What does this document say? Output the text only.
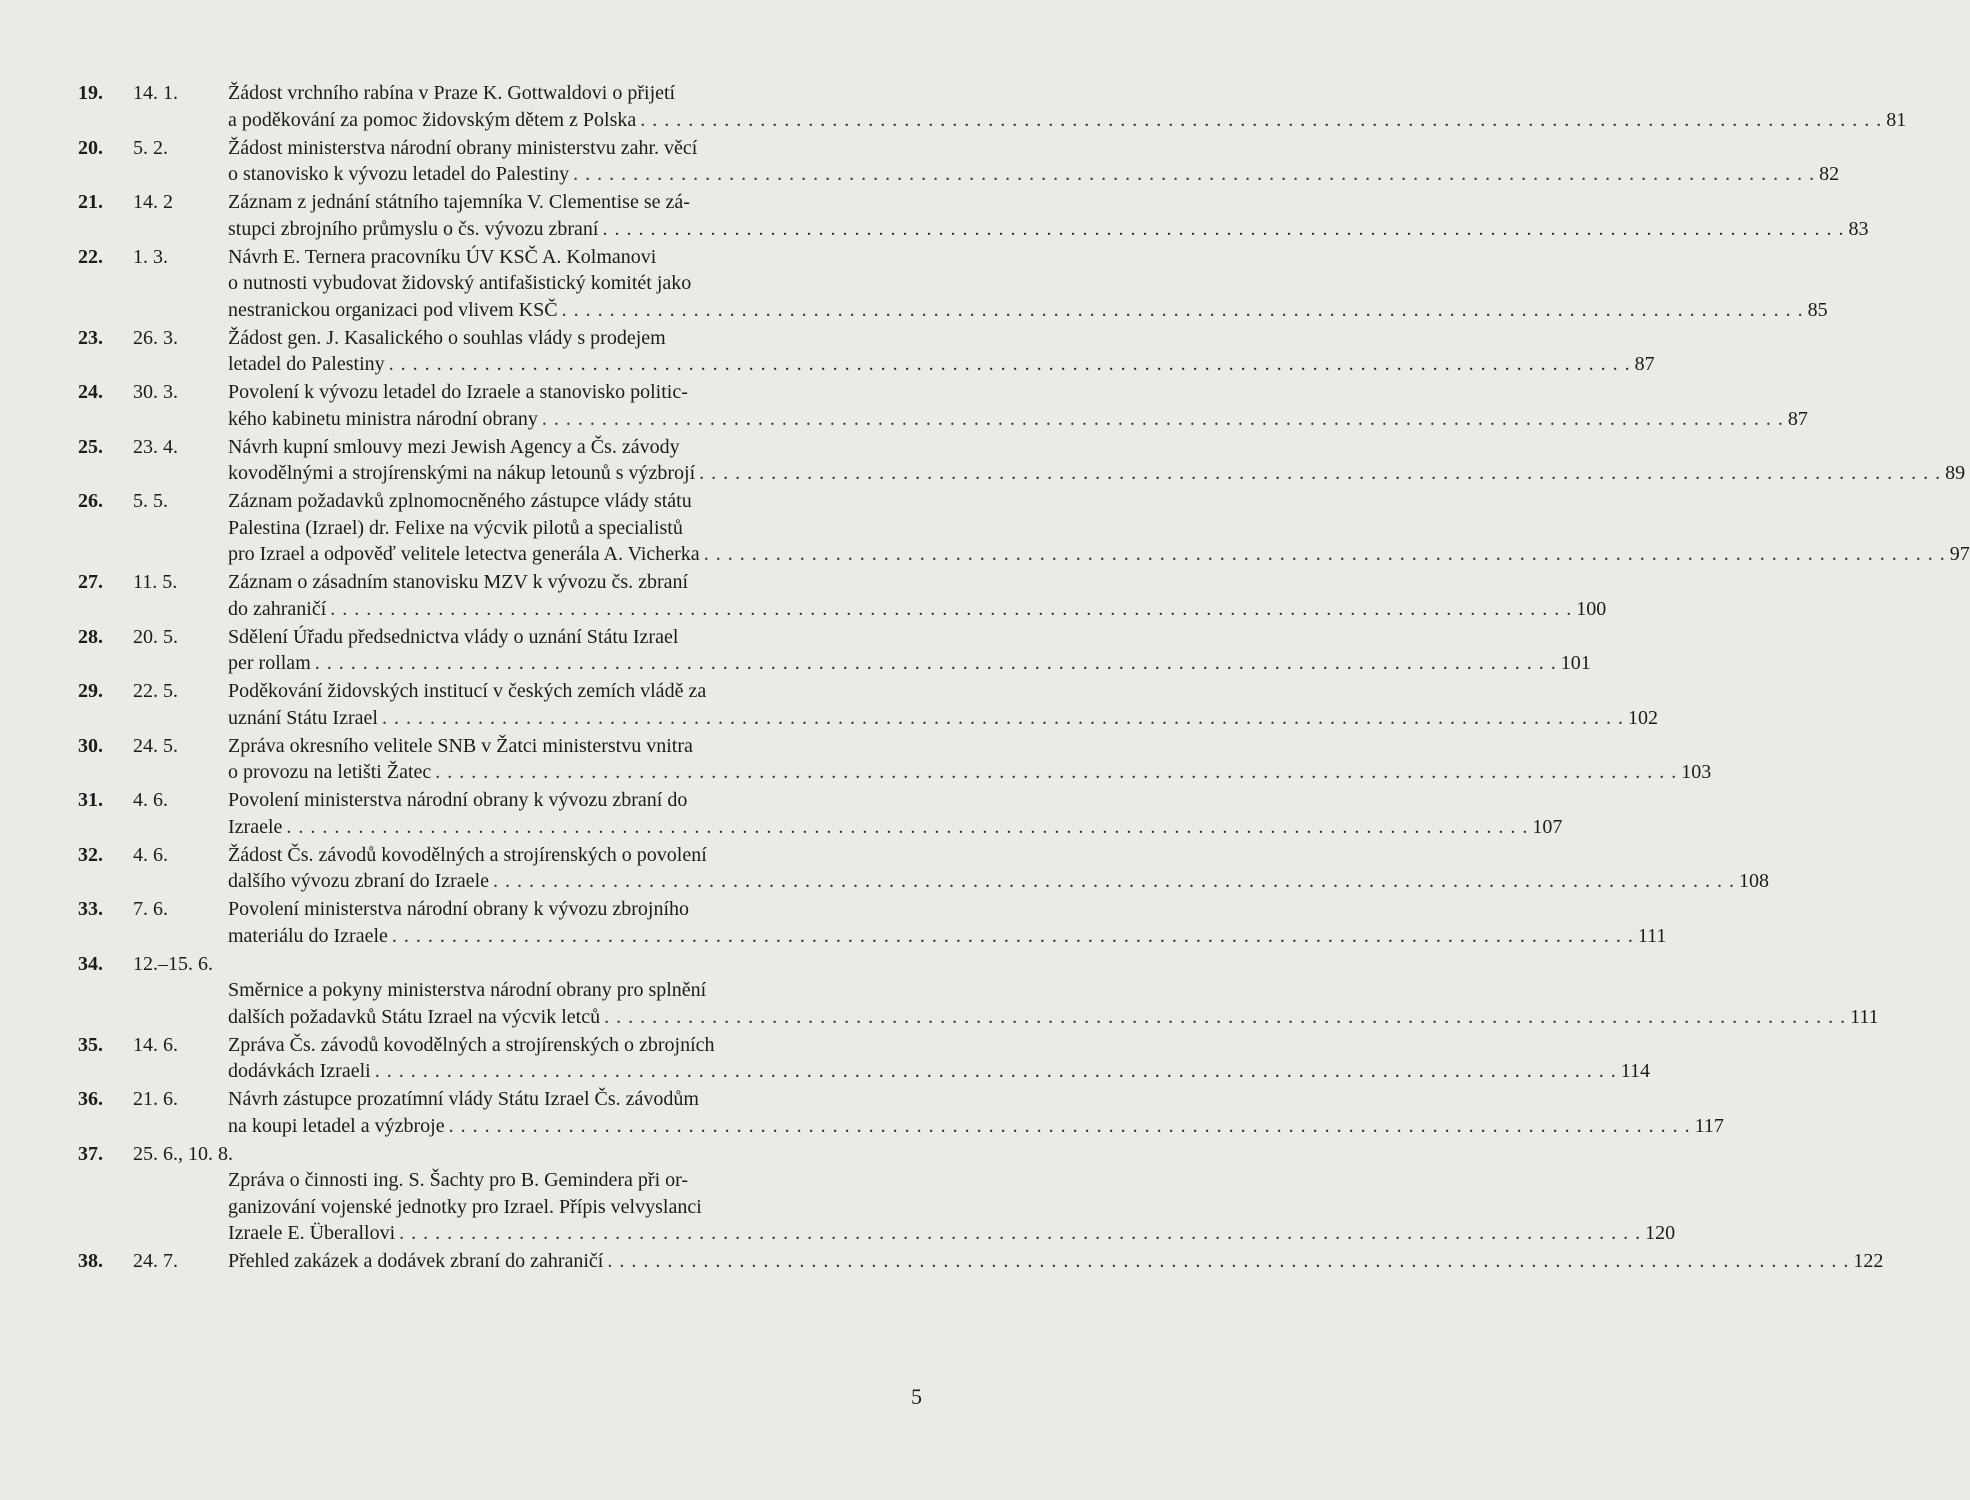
19.	14. 1.	Žádost vrchního rabína v Praze K. Gottwaldovi o přijetí
a poděkování za pomoc židovským dětem z Polska . . . . . . . . . . . . . . . . . . . . . . . . . . . . . . . . . . . . . . . . . . . . . . . . . . . . . . . . . . . . . . . . . . . . . . . . . . . . . . . . . . . . . . . . . . . . . . . . . . . . . . . . 81
20.	5. 2.	Žádost ministerstva národní obrany ministerstvu zahr. věcí
o stanovisko k vývozu letadel do Palestiny . . . . . . . . . . . . . . . . . . . . . . . . . . . . . . . . . . . . . . . . . . . . . . . . . . . . . . . . . . . . . . . . . . . . . . . . . . . . . . . . . . . . . . . . . . . . . . . . . . . . . . . . 82
21.	14. 2	Záznam z jednání státního tajemníka V. Clementise se zá-
stupci zbrojního průmyslu o čs. vývozu zbraní . . . . . . . . . . . . . . . . . . . . . . . . . . . . . . . . . . . . . . . . . . . . . . . . . . . . . . . . . . . . . . . . . . . . . . . . . . . . . . . . . . . . . . . . . . . . . . . . . . . . . . . . 83
22.	1. 3.	Návrh E. Ternera pracovníku ÚV KSČ A. Kolmanovi
o nutnosti vybudovat židovský antifašistický komitét jako
nestranickou organizaci pod vlivem KSČ . . . . . . . . . . . . . . . . . . . . . . . . . . . . . . . . . . . . . . . . . . . . . . . . . . . . . . . . . . . . . . . . . . . . . . . . . . . . . . . . . . . . . . . . . . . . . . . . . . . . . . . . 85
23.	26. 3.	Žádost gen. J. Kasalického o souhlas vlády s prodejem
letadel do Palestiny . . . . . . . . . . . . . . . . . . . . . . . . . . . . . . . . . . . . . . . . . . . . . . . . . . . . . . . . . . . . . . . . . . . . . . . . . . . . . . . . . . . . . . . . . . . . . . . . . . . . . . . . 87
24.	30. 3.	Povolení k vývozu letadel do Izraele a stanovisko politic-
kého kabinetu ministra národní obrany . . . . . . . . . . . . . . . . . . . . . . . . . . . . . . . . . . . . . . . . . . . . . . . . . . . . . . . . . . . . . . . . . . . . . . . . . . . . . . . . . . . . . . . . . . . . . . . . . . . . . . . . 87
25.	23. 4.	Návrh kupní smlouvy mezi Jewish Agency a Čs. závody
kovodělnými a strojírenskými na nákup letounů s výzbrojí . . . . . . . . . . . . . . . . . . . . . . . . . . . . . . . . . . . . . . . . . . . . . . . . . . . . . . . . . . . . . . . . . . . . . . . . . . . . . . . . . . . . . . . . . . . . . . . . . . . . . . . . 89
26.	5. 5.	Záznam požadavků zplnomocněného zástupce vlády státu
Palestina (Izrael) dr. Felixe na výcvik pilotů a specialistů
pro Izrael a odpověď velitele letectva generála A. Vicherka . . . . . . . . . . . . . . . . . . . . . . . . . . . . . . . . . . . . . . . . . . . . . . . . . . . . . . . . . . . . . . . . . . . . . . . . . . . . . . . . . . . . . . . . . . . . . . . . . . . . . . . . 97
27.	11. 5.	Záznam o zásadním stanovisku MZV k vývozu čs. zbraní
do zahraničí . . . . . . . . . . . . . . . . . . . . . . . . . . . . . . . . . . . . . . . . . . . . . . . . . . . . . . . . . . . . . . . . . . . . . . . . . . . . . . . . . . . . . . . . . . . . . . . . . . . . . . . . 100
28.	20. 5.	Sdělení Úřadu předsednictva vlády o uznání Státu Izrael
per rollam . . . . . . . . . . . . . . . . . . . . . . . . . . . . . . . . . . . . . . . . . . . . . . . . . . . . . . . . . . . . . . . . . . . . . . . . . . . . . . . . . . . . . . . . . . . . . . . . . . . . . . . . 101
29.	22. 5.	Poděkování židovských institucí v českých zemích vládě za
uznání Státu Izrael . . . . . . . . . . . . . . . . . . . . . . . . . . . . . . . . . . . . . . . . . . . . . . . . . . . . . . . . . . . . . . . . . . . . . . . . . . . . . . . . . . . . . . . . . . . . . . . . . . . . . . . . 102
30.	24. 5.	Zpráva okresního velitele SNB v Žatci ministerstvu vnitra
o provozu na letišti Žatec . . . . . . . . . . . . . . . . . . . . . . . . . . . . . . . . . . . . . . . . . . . . . . . . . . . . . . . . . . . . . . . . . . . . . . . . . . . . . . . . . . . . . . . . . . . . . . . . . . . . . . . . 103
31.	4. 6.	Povolení ministerstva národní obrany k vývozu zbraní do
Izraele . . . . . . . . . . . . . . . . . . . . . . . . . . . . . . . . . . . . . . . . . . . . . . . . . . . . . . . . . . . . . . . . . . . . . . . . . . . . . . . . . . . . . . . . . . . . . . . . . . . . . . . . 107
32.	4. 6.	Žádost Čs. závodů kovodělných a strojírenských o povolení
dalšího vývozu zbraní do Izraele . . . . . . . . . . . . . . . . . . . . . . . . . . . . . . . . . . . . . . . . . . . . . . . . . . . . . . . . . . . . . . . . . . . . . . . . . . . . . . . . . . . . . . . . . . . . . . . . . . . . . . . . 108
33.	7. 6.	Povolení ministerstva národní obrany k vývozu zbrojního
materiálu do Izraele . . . . . . . . . . . . . . . . . . . . . . . . . . . . . . . . . . . . . . . . . . . . . . . . . . . . . . . . . . . . . . . . . . . . . . . . . . . . . . . . . . . . . . . . . . . . . . . . . . . . . . . . 111
34.	12.–15. 6.
Směrnice a pokyny ministerstva národní obrany pro splnění
dalších požadavků Státu Izrael na výcvik letců . . . . . . . . . . . . . . . . . . . . . . . . . . . . . . . . . . . . . . . . . . . . . . . . . . . . . . . . . . . . . . . . . . . . . . . . . . . . . . . . . . . . . . . . . . . . . . . . . . . . . . . . 111
35.	14. 6.	Zpráva Čs. závodů kovodělných a strojírenských o zbrojních
dodávkách Izraeli . . . . . . . . . . . . . . . . . . . . . . . . . . . . . . . . . . . . . . . . . . . . . . . . . . . . . . . . . . . . . . . . . . . . . . . . . . . . . . . . . . . . . . . . . . . . . . . . . . . . . . . . 114
36.	21. 6.	Návrh zástupce prozatímní vlády Státu Izrael Čs. závodům
na koupi letadel a výzbroje . . . . . . . . . . . . . . . . . . . . . . . . . . . . . . . . . . . . . . . . . . . . . . . . . . . . . . . . . . . . . . . . . . . . . . . . . . . . . . . . . . . . . . . . . . . . . . . . . . . . . . . . 117
37.	25. 6., 10. 8.
Zpráva o činnosti ing. S. Šachty pro B. Gemindera při or-
ganizování vojenské jednotky pro Izrael. Přípis velvyslanci
Izraele E. Überallovi . . . . . . . . . . . . . . . . . . . . . . . . . . . . . . . . . . . . . . . . . . . . . . . . . . . . . . . . . . . . . . . . . . . . . . . . . . . . . . . . . . . . . . . . . . . . . . . . . . . . . . . . 120
38.	24. 7.	Přehled zakázek a dodávek zbraní do zahraničí . . . . . . . . . . . . . . . . . . . . . . . . . . . . . . . . . . . . . . . . . . . . . . . . . . . . . . . . . . . . . . . . . . . . . . . . . . . . . . . . . . . . . . . . . . . . . . . . . . . . . . . . 122
5
